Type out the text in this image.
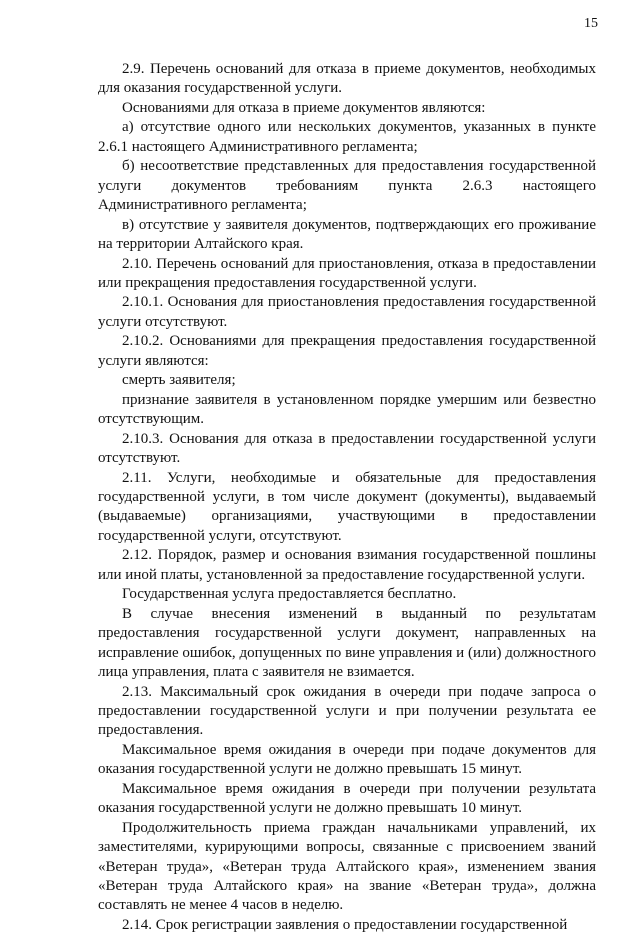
15

2.9. Перечень оснований для отказа в приеме документов, необходимых для оказания государственной услуги.

Основаниями для отказа в приеме документов являются:

а) отсутствие одного или нескольких документов, указанных в пункте 2.6.1 настоящего Административного регламента;

б) несоответствие представленных для предоставления государственной услуги документов требованиям пункта 2.6.3 настоящего Административного регламента;

в) отсутствие у заявителя документов, подтверждающих его проживание на территории Алтайского края.

2.10. Перечень оснований для приостановления, отказа в предоставлении или прекращения предоставления государственной услуги.

2.10.1. Основания для приостановления предоставления государственной услуги отсутствуют.

2.10.2. Основаниями для прекращения предоставления государственной услуги являются:

смерть заявителя;

признание заявителя в установленном порядке умершим или безвестно отсутствующим.

2.10.3. Основания для отказа в предоставлении государственной услуги отсутствуют.

2.11. Услуги, необходимые и обязательные для предоставления государственной услуги, в том числе документ (документы), выдаваемый (выдаваемые) организациями, участвующими в предоставлении государственной услуги, отсутствуют.

2.12. Порядок, размер и основания взимания государственной пошлины или иной платы, установленной за предоставление государственной услуги.

Государственная услуга предоставляется бесплатно.

В случае внесения изменений в выданный по результатам предоставления государственной услуги документ, направленных на исправление ошибок, допущенных по вине управления и (или) должностного лица управления, плата с заявителя не взимается.

2.13. Максимальный срок ожидания в очереди при подаче запроса о предоставлении государственной услуги и при получении результата ее предоставления.

Максимальное время ожидания в очереди при подаче документов для оказания государственной услуги не должно превышать 15 минут.

Максимальное время ожидания в очереди при получении результата оказания государственной услуги не должно превышать 10 минут.

Продолжительность приема граждан начальниками управлений, их заместителями, курирующими вопросы, связанные с присвоением званий «Ветеран труда», «Ветеран труда Алтайского края», изменением звания «Ветеран труда Алтайского края» на звание «Ветеран труда», должна составлять не менее 4 часов в неделю.

2.14. Срок регистрации заявления о предоставлении государственной
